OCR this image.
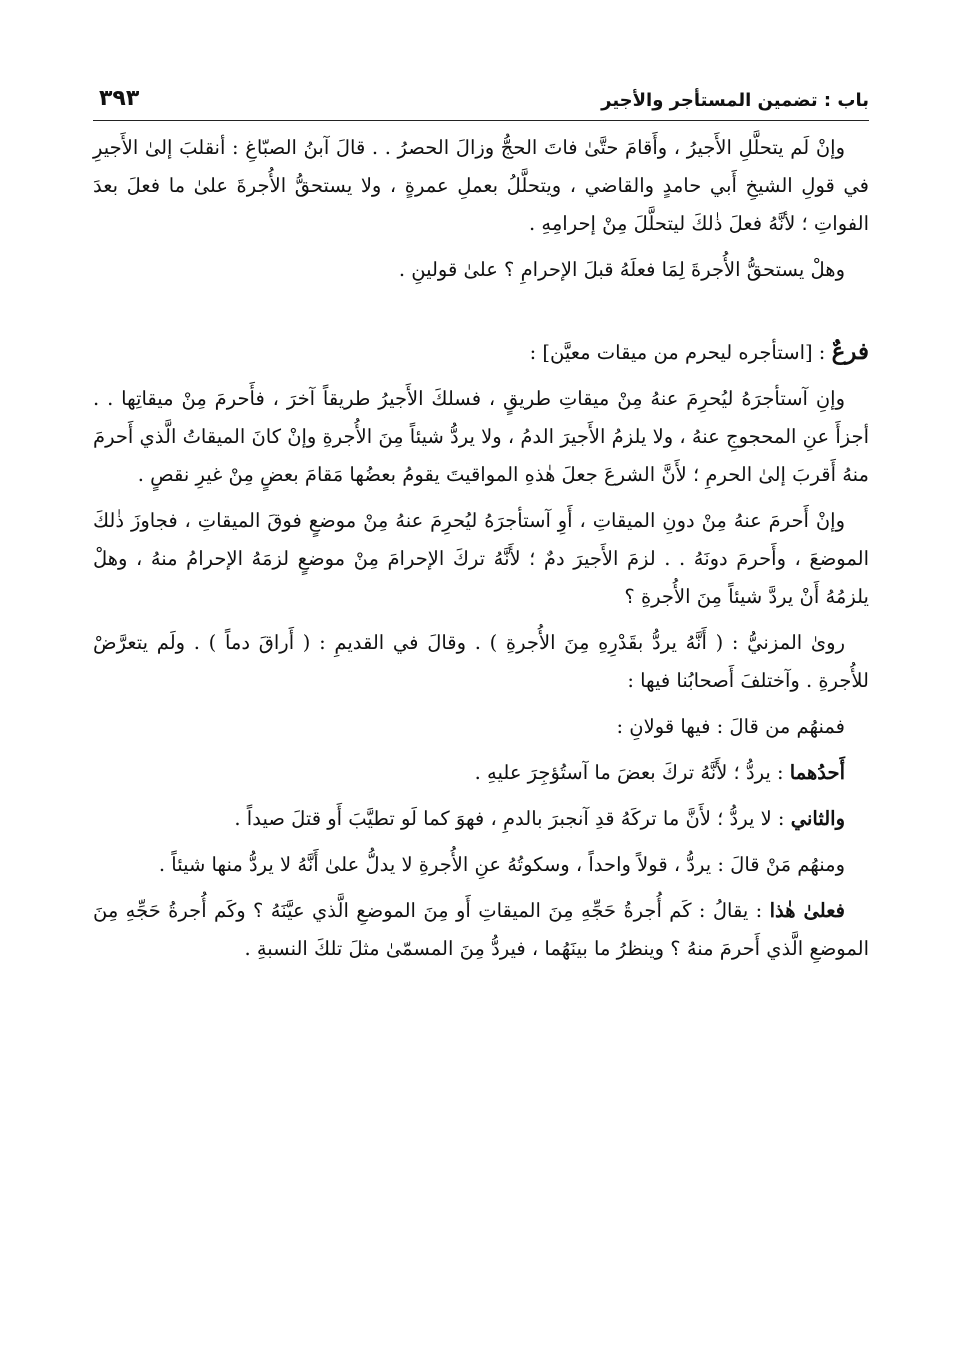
باب : تضمين المستأجر والأجير
٣٩٣

وإنْ لَم يتحلَّلِ الأَجيرُ ، وأَقامَ حتَّىٰ فاتَ الحجُّ وزالَ الحصرُ . . قالَ آبنُ الصبّاغِ : أنقلبَ إلىٰ الأَجيرِ في قولِ الشيخِ أَبي حامدٍ والقاضي ، ويتحلَّلُ بعملِ عمرةٍ ، ولا يستحقُّ الأُجرةَ علىٰ ما فعلَ بعدَ الفواتِ ؛ لأنَّهُ فعلَ ذٰلكَ ليتحلَّلَ مِنْ إحرامِهِ .

وهلْ يستحقُّ الأُجرةَ لِمَا فعلَهُ قبلَ الإحرامِ ؟ علىٰ قولينِ .

فرعٌ : [استأجره ليحرم من ميقات معيَّن] :

وإنِ آستأجرَهُ ليُحرِمَ عنهُ مِنْ ميقاتِ طريقٍ ، فسلكَ الأَجيرُ طريقاً آخرَ ، فأَحرمَ مِنْ ميقاتِها . . أجزأَ عنِ المحجوجِ عنهُ ، ولا يلزمُ الأَجيرَ الدمُ ، ولا يردُّ شيئاً مِنَ الأُجرةِ وإنْ كانَ الميقاتُ الَّذي أَحرمَ منهُ أَقربَ إلىٰ الحرمِ ؛ لأَنَّ الشرعَ جعلَ هٰذهِ المواقيتَ يقومُ بعضُها مَقامَ بعضٍ مِنْ غيرِ نقصٍ .

وإنْ أَحرمَ عنهُ مِنْ دونِ الميقاتِ ، أَوِ آستأجرَهُ ليُحرِمَ عنهُ مِنْ موضعٍ فوقَ الميقاتِ ، فجاوزَ ذٰلكَ الموضعَ ، وأَحرمَ دونَهُ . . لزمَ الأَجيرَ دمٌ ؛ لأَنَّهُ تركَ الإحرامَ مِنْ موضعٍ لزمَهُ الإحرامُ منهُ ، وهلْ يلزمُهُ أَنْ يردَّ شيئاً مِنَ الأُجرةِ ؟

روىٰ المزنيُّ : ( أَنَّهُ يردُّ بقَدْرِهِ مِنَ الأُجرةِ ) . وقالَ في القديمِ : ( أَراقَ دماً ) . ولَم يتعرَّضْ للأُجرةِ . وآختلفَ أَصحابُنا فيها :

فمنهُم من قالَ : فيها قولانِ :

أَحدُهما : يردُّ ؛ لأَنَّهُ تركَ بعضَ ما آستُؤجِرَ عليهِ .

والثاني : لا يردُّ ؛ لأَنَّ ما تركَهُ قدِ آنجبرَ بالدمِ ، فهوَ كما لَو تطيَّبَ أَو قتلَ صيداً .

ومنهُم مَنْ قالَ : يردُّ ، قولاً واحداً ، وسكوتُهُ عنِ الأُجرةِ لا يدلُّ علىٰ أَنَّهُ لا يردُّ منها شيئاً .

فعلىٰ هٰذا : يقالُ : كَم أُجرةُ حَجِّهِ مِنَ الميقاتِ أَو مِنَ الموضعِ الَّذي عيَّنَهُ ؟ وكَم أُجرةُ حَجِّهِ مِنَ الموضعِ الَّذي أَحرمَ منهُ ؟ وينظرُ ما بينَهُما ، فيردُّ مِنَ المسمّىٰ مثلَ تلكَ النسبةِ .
